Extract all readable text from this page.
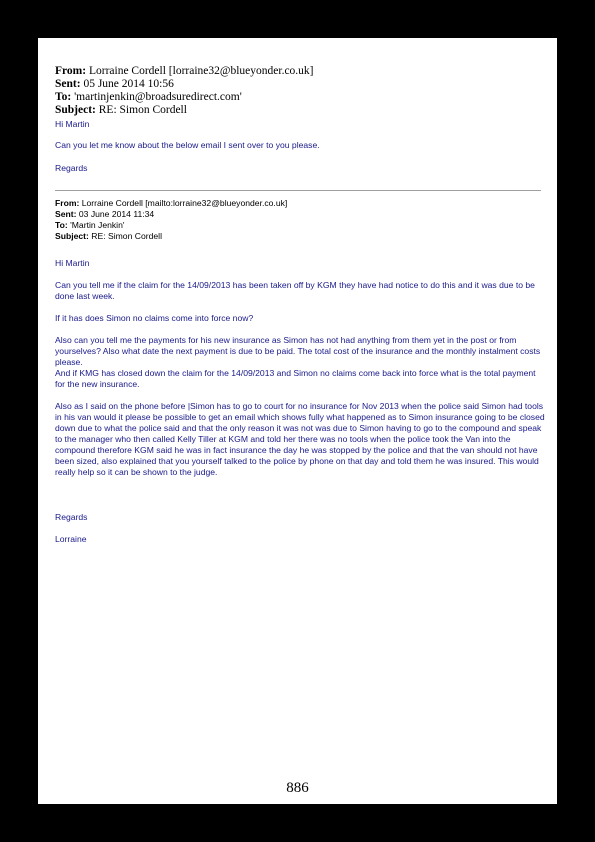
From: Lorraine Cordell [lorraine32@blueyonder.co.uk]
Sent: 05 June 2014 10:56
To: 'martinjenkin@broadsuredirect.com'
Subject: RE: Simon Cordell
Hi Martin
Can you let me know about the below email I sent over to you please.
Regards
From: Lorraine Cordell [mailto:lorraine32@blueyonder.co.uk]
Sent: 03 June 2014 11:34
To: 'Martin Jenkin'
Subject: RE: Simon Cordell

Hi Martin

Can you tell me if the claim for the 14/09/2013 has been taken off by KGM they have had notice to do this and it was due to be done last week.

If it has does Simon no claims come into force now?

Also can you tell me the payments for his new insurance as Simon has not had anything from them yet in the post or from yourselves? Also what date the next payment is due to be paid. The total cost of the insurance and the monthly instalment costs please.

And if KMG has closed down the claim for the 14/09/2013 and Simon no claims come back into force what is the total payment for the new insurance.

Also as I said on the phone before |Simon has to go to court for no insurance for Nov 2013 when the police said Simon had tools in his van would it please be possible to get an email which shows fully what happened as to Simon insurance going to be closed down due to what the police said and that the only reason it was not was due to Simon having to go to the compound and speak to the manager who then called Kelly Tiller at KGM and told her there was no tools when the police took the Van into the compound therefore KGM said he was in fact insurance the day he was stopped by the police and that the van should not have been sized, also explained that you yourself talked to the police by phone on that day and told them he was insured. This would really help so it can be shown to the judge.

Regards
Lorraine
886
